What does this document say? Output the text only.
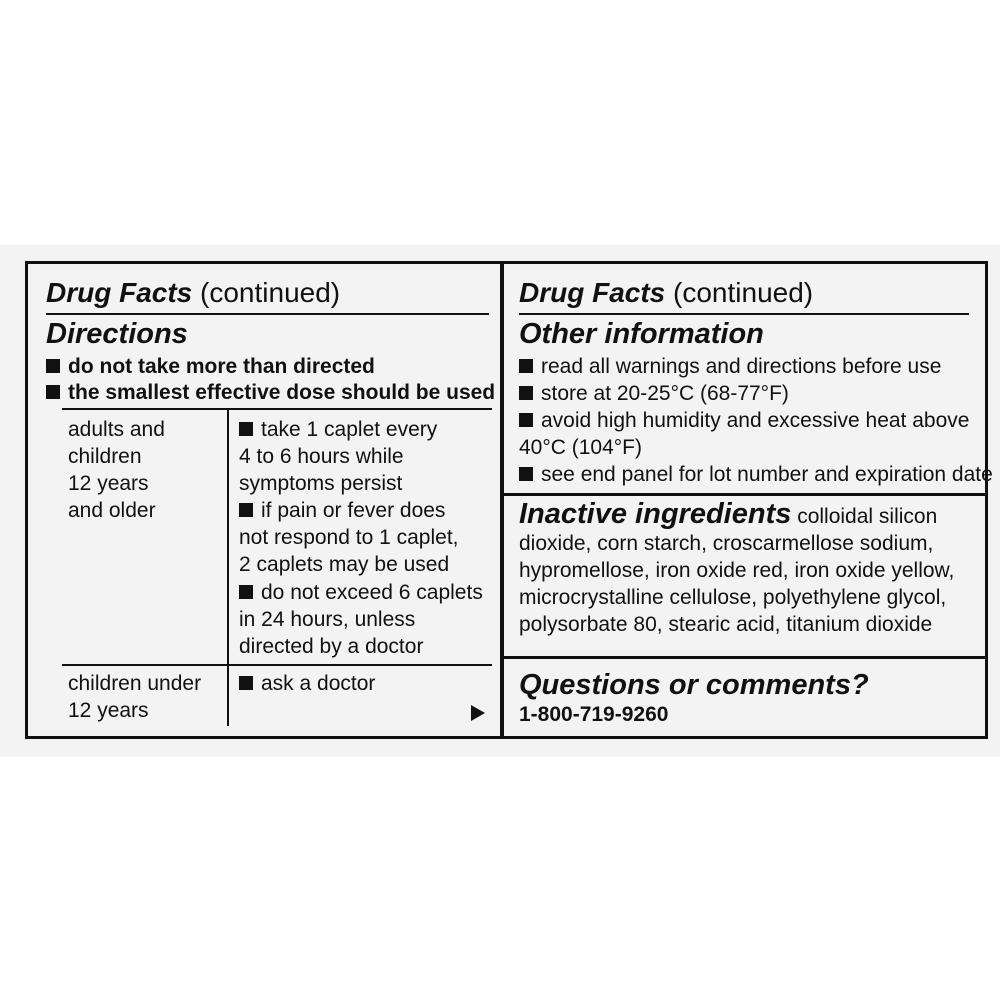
Drug Facts (continued)
Directions
do not take more than directed
the smallest effective dose should be used
adults and
children
12 years
and older
take 1 caplet every
4 to 6 hours while
symptoms persist
if pain or fever does
not respond to 1 caplet,
2 caplets may be used
do not exceed 6 caplets
in 24 hours, unless
directed by a doctor
children under
12 years
ask a doctor
Drug Facts (continued)
Other information
read all warnings and directions before use
store at 20-25°C (68-77°F)
avoid high humidity and excessive heat above
40°C (104°F)
see end panel for lot number and expiration date
Inactive ingredients colloidal silicon
dioxide, corn starch, croscarmellose sodium,
hypromellose, iron oxide red, iron oxide yellow,
microcrystalline cellulose, polyethylene glycol,
polysorbate 80, stearic acid, titanium dioxide
Questions or comments?
1-800-719-9260
